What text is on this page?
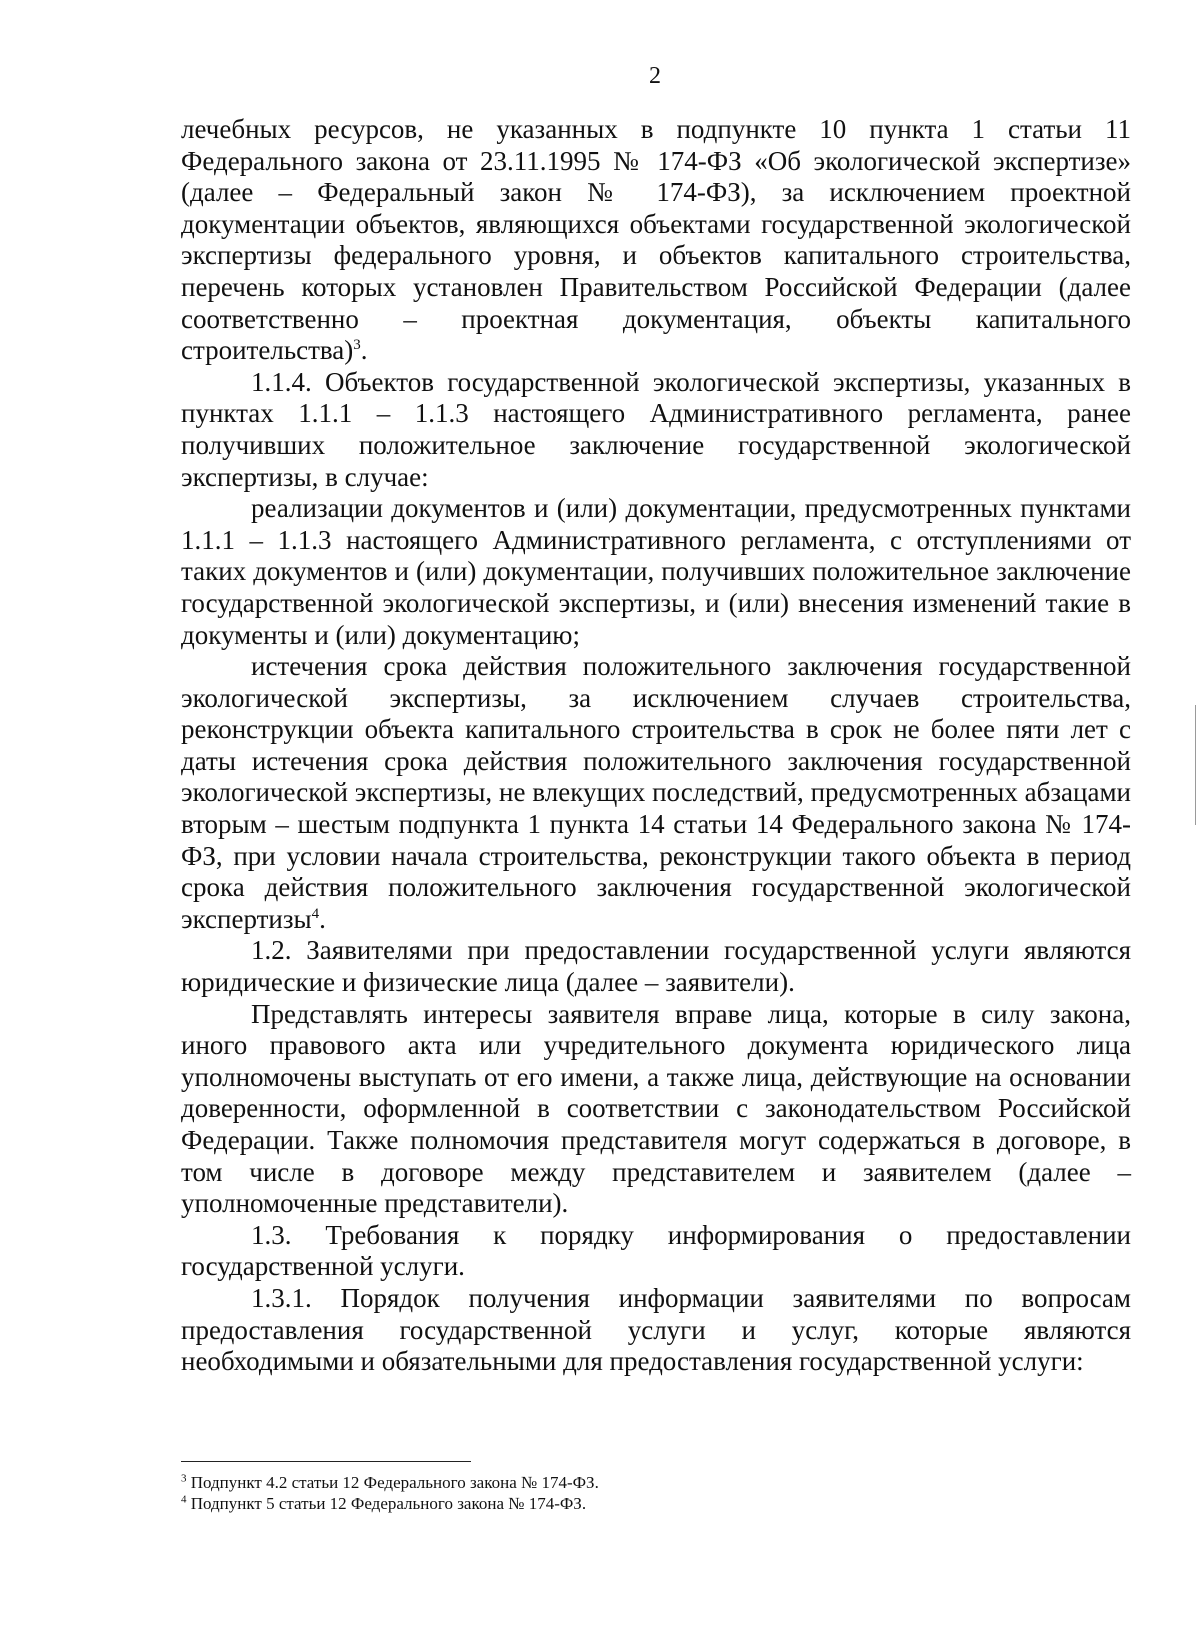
2

лечебных ресурсов, не указанных в подпункте 10 пункта 1 статьи 11 Федерального закона от 23.11.1995 № 174-ФЗ «Об экологической экспертизе» (далее – Федеральный закон № 174-ФЗ), за исключением проектной документации объектов, являющихся объектами государственной экологической экспертизы федерального уровня, и объектов капитального строительства, перечень которых установлен Правительством Российской Федерации (далее соответственно – проектная документация, объекты капитального строительства)$^3$.

1.1.4. Объектов государственной экологической экспертизы, указанных в пунктах 1.1.1 – 1.1.3 настоящего Административного регламента, ранее получивших положительное заключение государственной экологической экспертизы, в случае:

реализации документов и (или) документации, предусмотренных пунктами 1.1.1 – 1.1.3 настоящего Административного регламента, с отступлениями от таких документов и (или) документации, получивших положительное заключение государственной экологической экспертизы, и (или) внесения изменений такие в документы и (или) документацию;

истечения срока действия положительного заключения государственной экологической экспертизы, за исключением случаев строительства, реконструкции объекта капитального строительства в срок не более пяти лет с даты истечения срока действия положительного заключения государственной экологической экспертизы, не влекущих последствий, предусмотренных абзацами вторым – шестым подпункта 1 пункта 14 статьи 14 Федерального закона № 174-ФЗ, при условии начала строительства, реконструкции такого объекта в период срока действия положительного заключения государственной экологической экспертизы$^4$.

1.2. Заявителями при предоставлении государственной услуги являются юридические и физические лица (далее – заявители).

Представлять интересы заявителя вправе лица, которые в силу закона, иного правового акта или учредительного документа юридического лица уполномочены выступать от его имени, а также лица, действующие на основании доверенности, оформленной в соответствии с законодательством Российской Федерации. Также полномочия представителя могут содержаться в договоре, в том числе в договоре между представителем и заявителем (далее – уполномоченные представители).

1.3. Требования к порядку информирования о предоставлении государственной услуги.

1.3.1. Порядок получения информации заявителями по вопросам предоставления государственной услуги и услуг, которые являются необходимыми и обязательными для предоставления государственной услуги:

$^3$ Подпункт 4.2 статьи 12 Федерального закона № 174-ФЗ.

$^4$ Подпункт 5 статьи 12 Федерального закона № 174-ФЗ.
